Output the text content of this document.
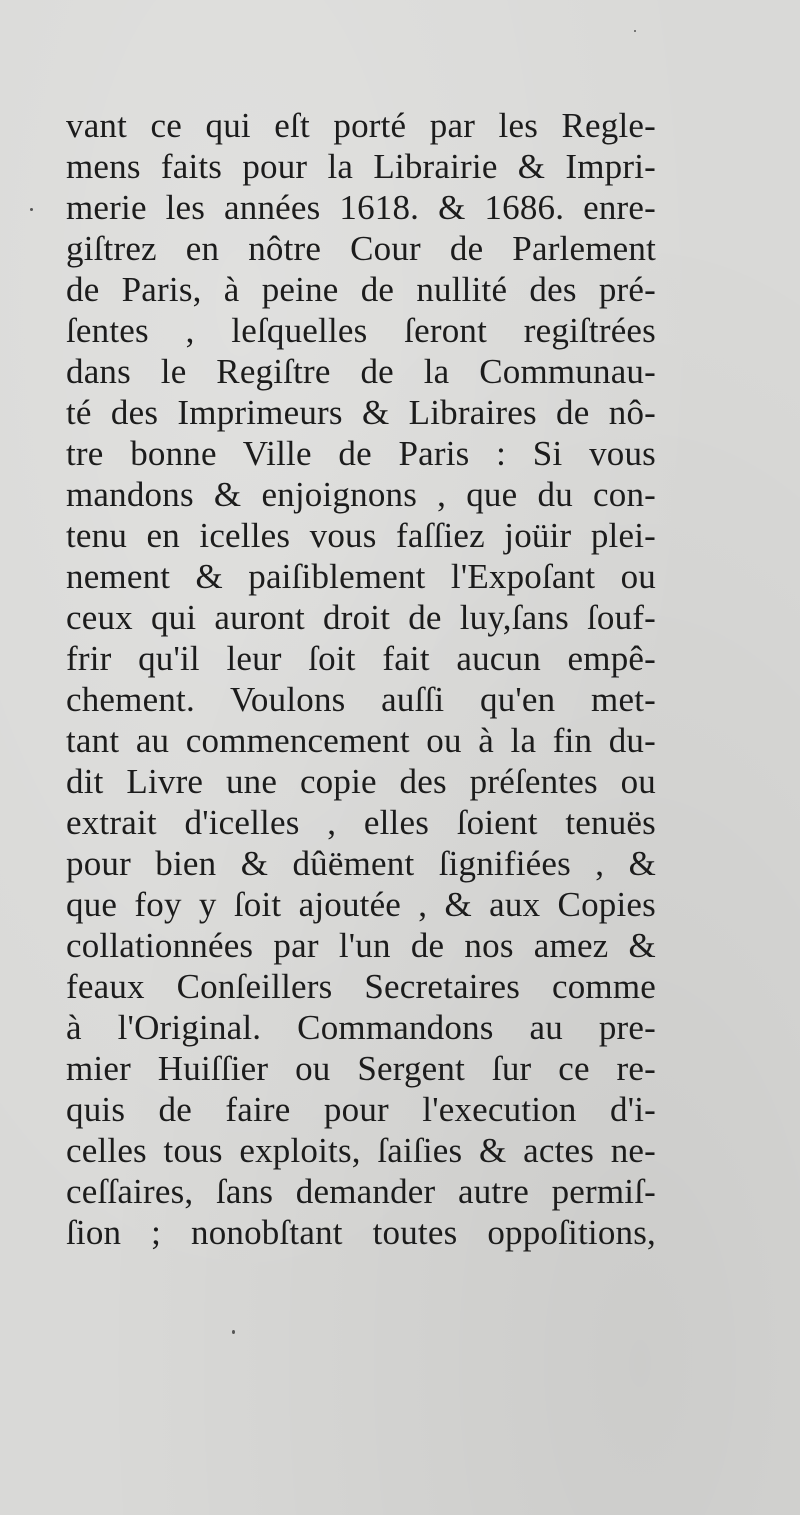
vant ce qui eſt porté par les Regle-
mens faits pour la Librairie & Impri-
merie les années 1618. & 1686. enre-
giſtrez en nôtre Cour de Parlement
de Paris, à peine de nullité des pré-
ſentes , leſquelles ſeront regiſtrées
dans le Regiſtre de la Communau-
té des Imprimeurs & Libraires de nô-
tre bonne Ville de Paris : Si vous
mandons & enjoignons , que du con-
tenu en icelles vous faſſiez joüir plei-
nement & paiſiblement l'Expoſant ou
ceux qui auront droit de luy,ſans ſouf-
frir qu'il leur ſoit fait aucun empê-
chement. Voulons auſſi qu'en met-
tant au commencement ou à la fin du-
dit Livre une copie des préſentes ou
extrait d'icelles , elles ſoient tenuës
pour bien & dûëment ſignifiées , &
que foy y ſoit ajoutée , & aux Copies
collationnées par l'un de nos amez &
feaux Conſeillers Secretaires comme
à l'Original. Commandons au pre-
mier Huiſſier ou Sergent ſur ce re-
quis de faire pour l'execution d'i-
celles tous exploits, ſaiſies & actes ne-
ceſſaires, ſans demander autre permiſ-
ſion ; nonobſtant toutes oppoſitions,
